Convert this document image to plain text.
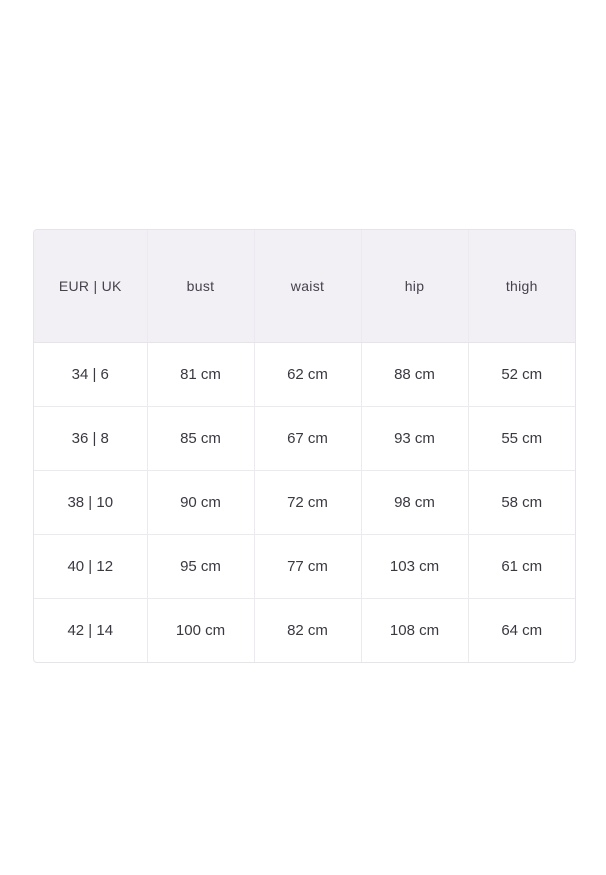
EUR | UK	bust	waist	hip	thigh
34 | 6	81 cm	62 cm	88 cm	52 cm
36 | 8	85 cm	67 cm	93 cm	55 cm
38 | 10	90 cm	72 cm	98 cm	58 cm
40 | 12	95 cm	77 cm	103 cm	61 cm
42 | 14	100 cm	82 cm	108 cm	64 cm
